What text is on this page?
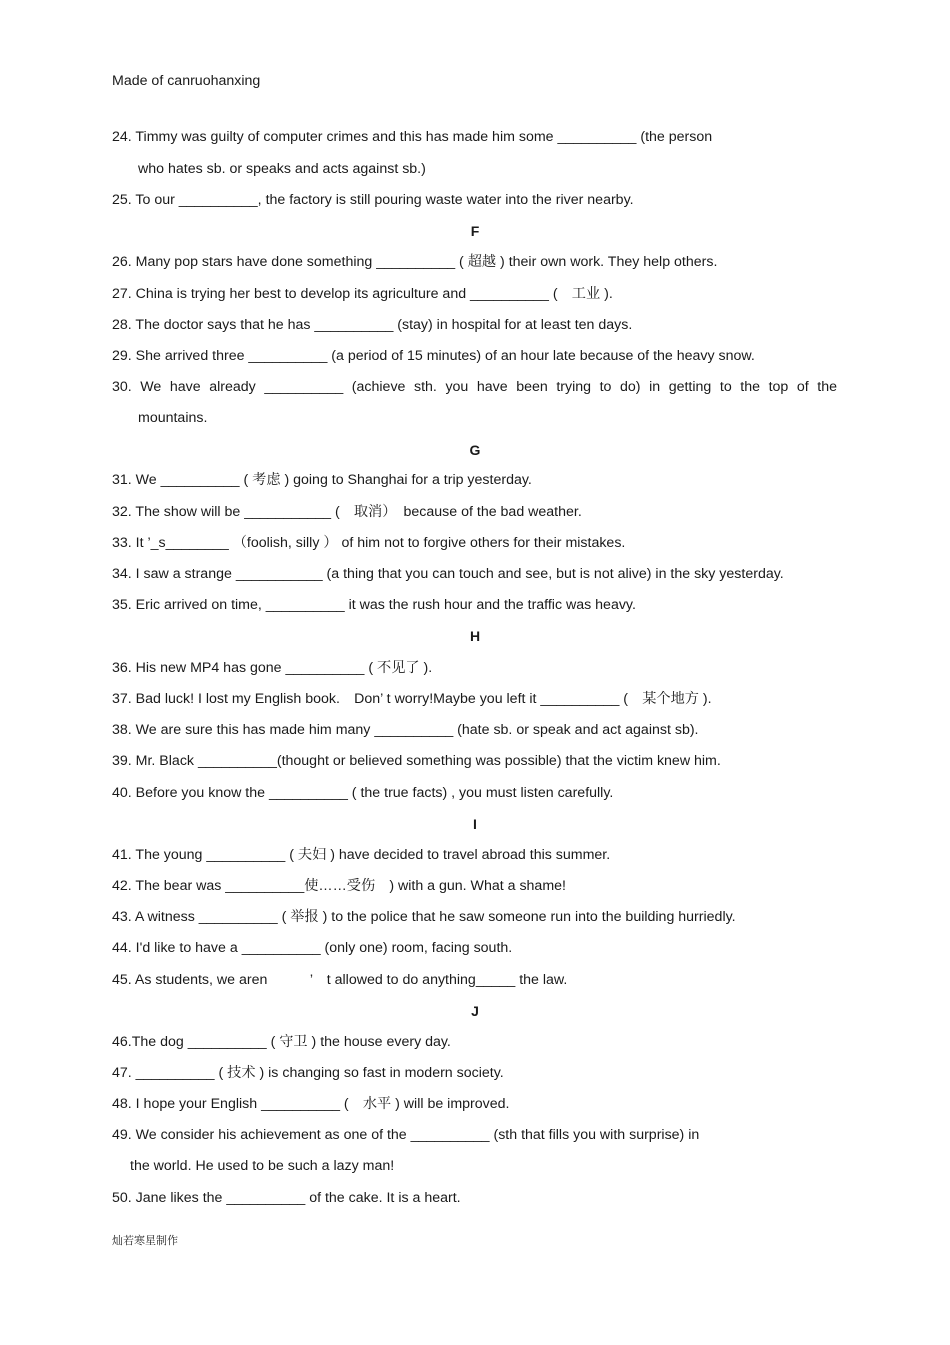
Made of canruohanxing
24. Timmy was guilty of computer crimes and this has made him some __________ (the person
who hates sb. or speaks and acts against sb.)
25. To our __________, the factory is still pouring waste water into the river nearby.
F
26. Many pop stars have done something __________ ( 超越 ) their own work. They help others.
27. China is trying her best to develop its agriculture and __________ (　工业 ).
28. The doctor says that he has __________ (stay) in hospital for at least ten days.
29. She arrived three __________ (a period of 15 minutes) of an hour late because of the heavy snow.
30. We have already __________ (achieve sth. you have been trying to do) in getting to the top of the
mountains.
G
31. We __________ ( 考虑 ) going to Shanghai for a trip yesterday.
32. The show will be ___________ (　取消）　because of the bad weather.
33. It ’_s________ （foolish, silly ） of him not to forgive others for their mistakes.
34. I saw a strange ___________ (a thing that you can touch and see, but is not alive) in the sky yesterday.
35. Eric arrived on time, __________ it was the rush hour and the traffic was heavy.
H
36. His new MP4 has gone __________ ( 不见了 ).
37. Bad luck! I lost my English book.　Don’ t worry!Maybe you left it __________ (　某个地方 ).
38. We are sure this has made him many __________ (hate sb. or speak and act against sb).
39. Mr. Black __________(thought or believed something was possible) that the victim knew him.
40. Before you know the __________ ( the true facts) , you must listen carefully.
I
41. The young __________ ( 夫妇 ) have decided to travel abroad this summer.
42. The bear was __________使……受伤　) with a gun. What a shame!
43. A witness __________ ( 举报 ) to the police that he saw someone run into the building hurriedly.
44. I'd like to have a __________ (only one) room, facing south.
45. As students, we aren　　　’　t allowed to do anything_____ the law.
J
46.The dog __________ ( 守卫 ) the house every day.
47. __________ ( 技术 ) is changing so fast in modern society.
48. I hope your English __________ (　水平 ) will be improved.
49. We consider his achievement as one of the __________ (sth that fills you with surprise) in
the world. He used to be such a lazy man!
50. Jane likes the __________ of the cake. It is a heart.
灿若寒星制作
